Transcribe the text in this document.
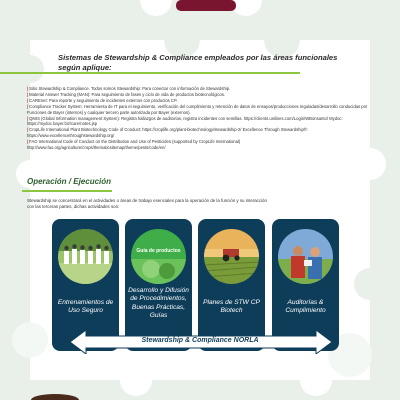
Sistemas de Stewardship & Compliance empleados por las áreas funcionales según aplique:
|Sitio Stewardship & Compliance. Todos somos Stewardship: Para conectar con información de Stewardship.
|Material Answer Tracking (MAN): Para seguimiento de fases y ciclo de vida de productos biotecnológicos.
|CAREnet: Para reporte y seguimiento de incidentes externos con productos CP.
|Compliance Tracker System: Herramienta de IT para el seguimiento, verificación del cumplimiento y retención de datos de ensayos/producciones reguladas/desarrollo conducidas por Funciones de Bayer (internos) y cualquier tercero parte autorizada por Bayer (externos).
|QMIS (Global Information management System): Registra hallazgos de auditorías, registra incidentes con semillas. https://clients.unilines.com/Login/WBonsanto/ Mydoc: https://mydoc.bayer.biz/care/notes.jsp
|CropLife International Plant Biotechnology Code of Conduct: https://croplife.org/plant-biotechnology/stewardship-2/ Excellence Through Stewardship®: https://www.excellencethroughstewardship.org/
|FAO International Code of Conduct on the Distribution and Use of Pesticides (supported by CropLife International) http://www.fao.org/agriculture/crops/thematicsitemap/theme/pests/code/en/
Operación / Ejecución
Stewardship se concentrará en el actividades o áreas de trabajo esenciales para la operación de la función y su interacción con las terceras partes, dichas actividades son:
Entrenamientos de Uso Seguro
Guía de productos
Desarrollo y Difusión de Procedimientos, Buenas Prácticas, Guías
Planes de STW CP Biotech
Auditorías & Cumplimiento
Stewardship & Compliance NORLA
